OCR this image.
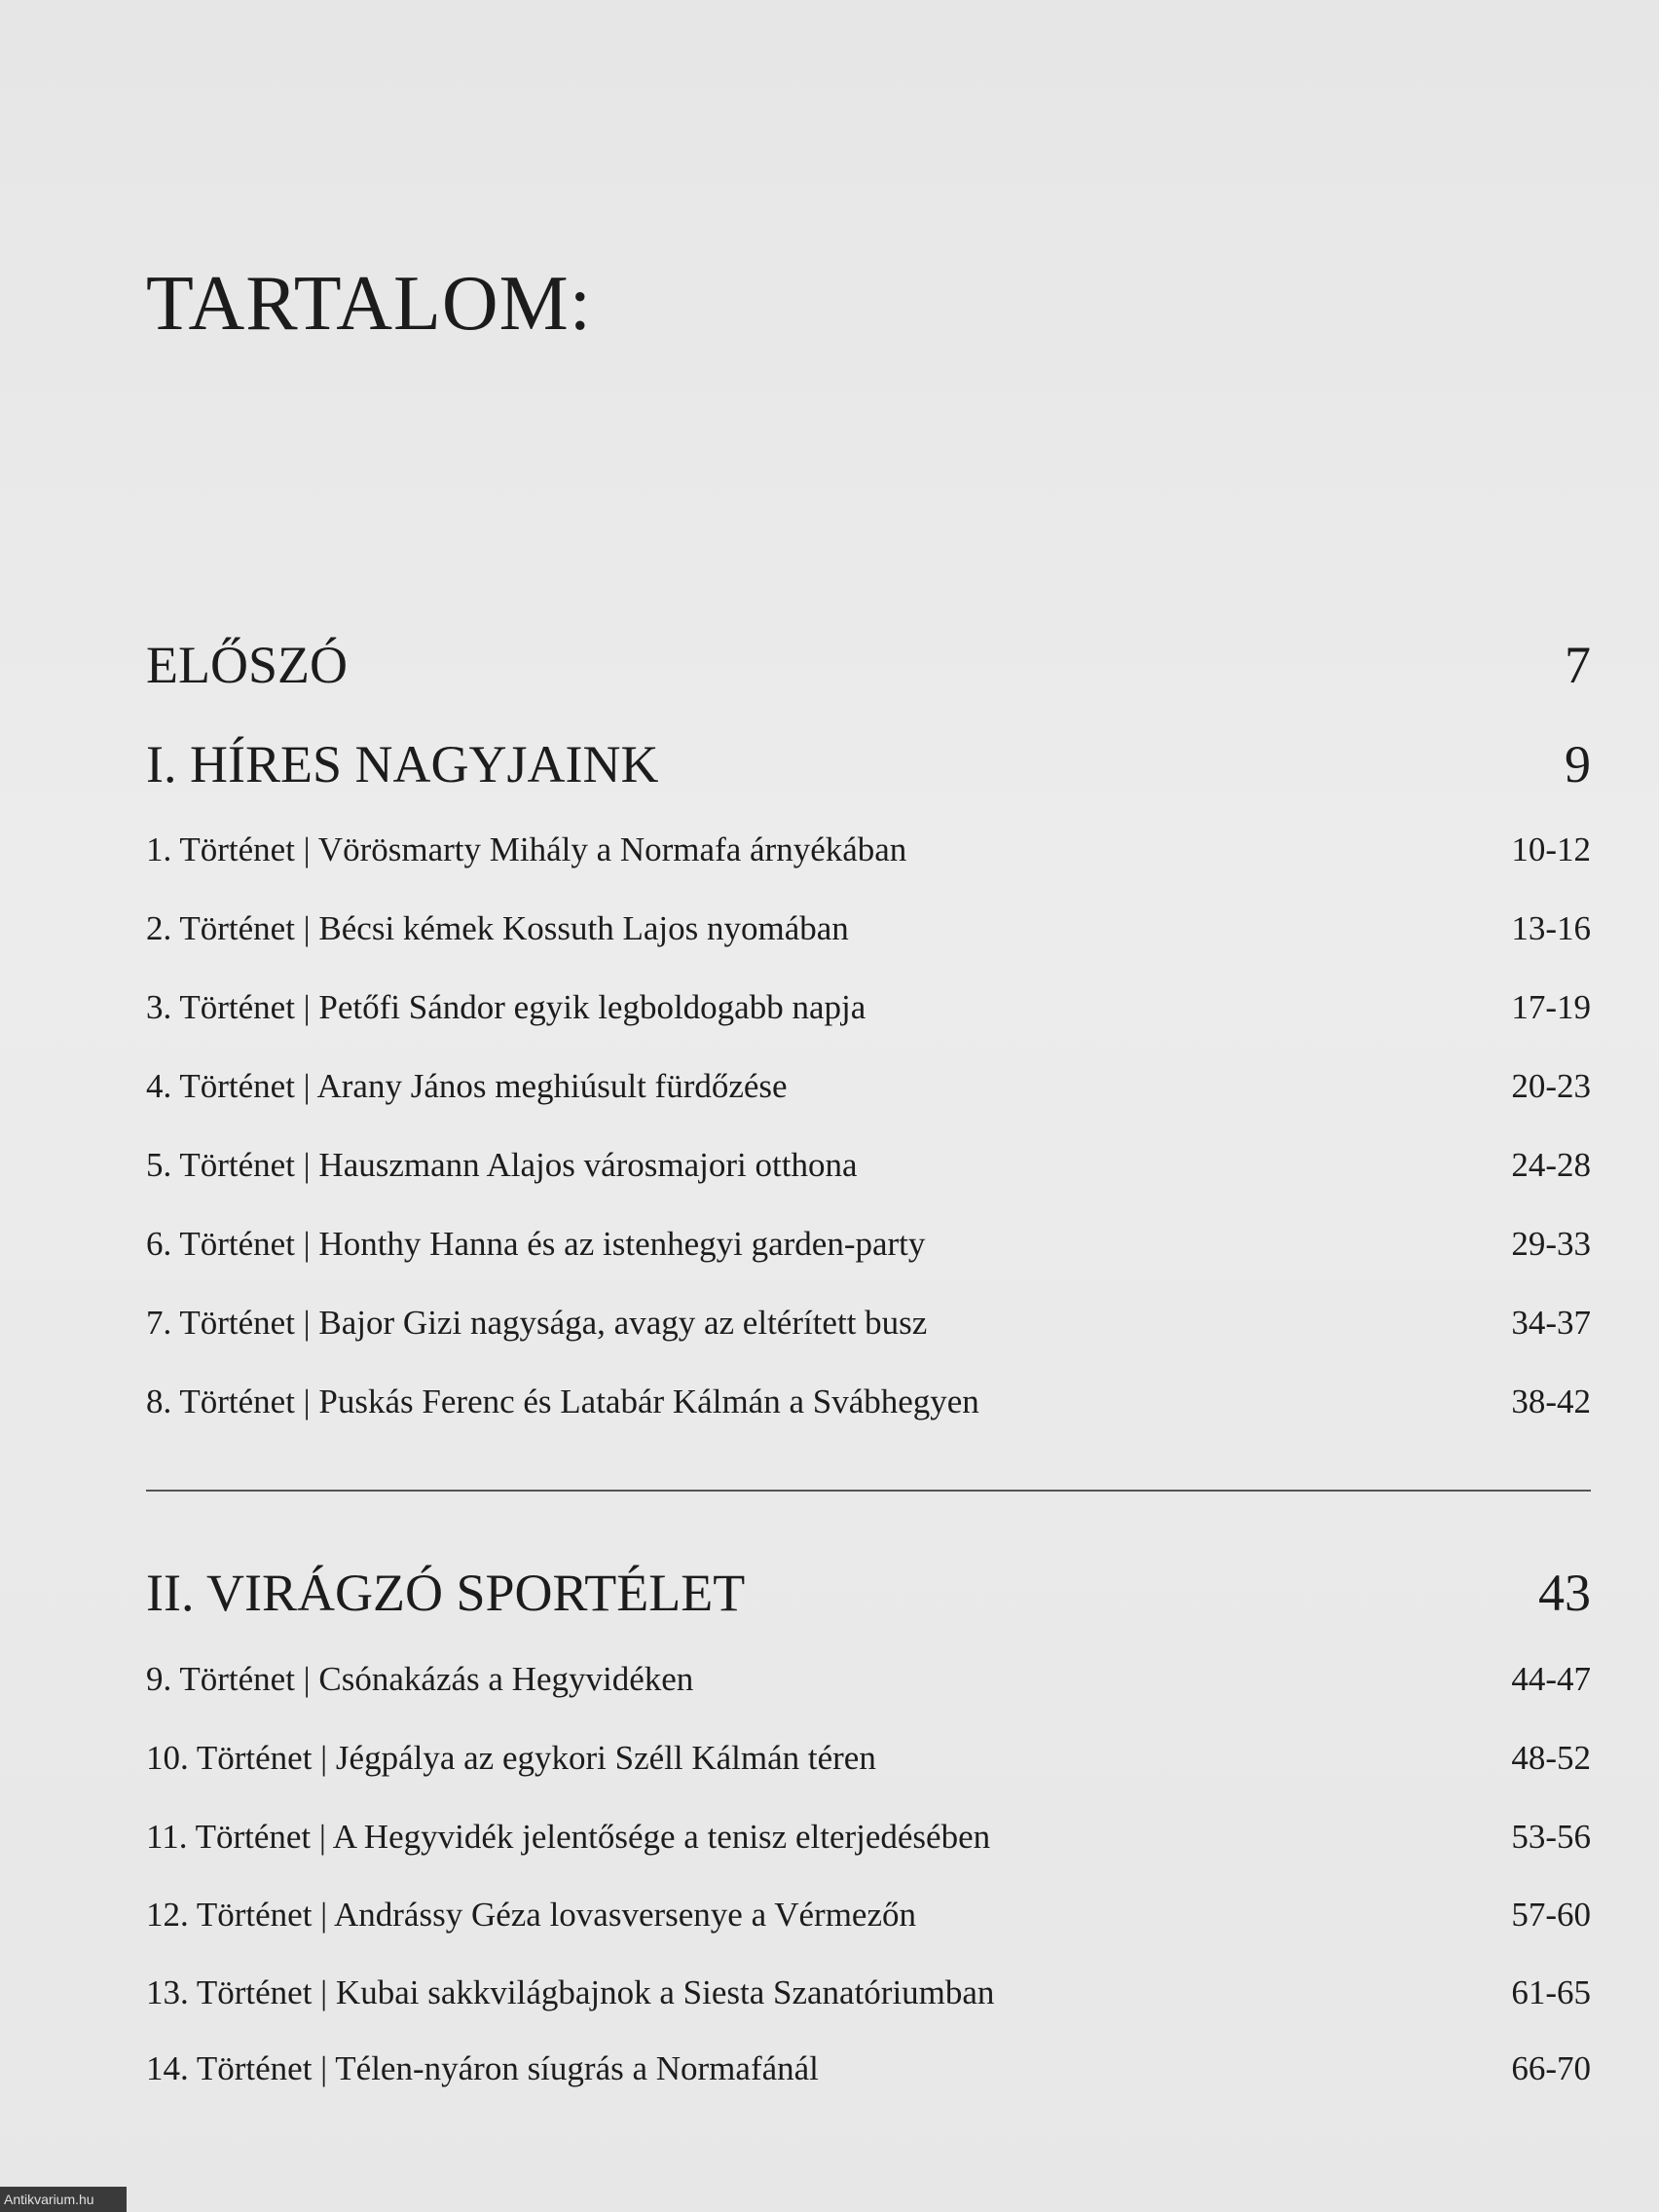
TARTALOM:
ELŐSZÓ	7
I. HÍRES NAGYJAINK	9
1. Történet | Vörösmarty Mihály a Normafa árnyékában	10-12
2. Történet | Bécsi kémek Kossuth Lajos nyomában	13-16
3. Történet | Petőfi Sándor egyik legboldogabb napja	17-19
4. Történet | Arany János meghiúsult fürdőzése	20-23
5. Történet | Hauszmann Alajos városmajori otthona	24-28
6. Történet | Honthy Hanna és az istenhegyi garden-party	29-33
7. Történet | Bajor Gizi nagysága, avagy az eltérített busz	34-37
8. Történet | Puskás Ferenc és Latabár Kálmán a Svábhegyen	38-42
II. VIRÁGZÓ SPORTÉLET	43
9. Történet | Csónakázás a Hegyvidéken	44-47
10. Történet | Jégpálya az egykori Széll Kálmán téren	48-52
11. Történet | A Hegyvidék jelentősége a tenisz elterjedésében	53-56
12. Történet | Andrássy Géza lovasversenye a Vérmezőn	57-60
13. Történet | Kubai sakkvilágbajnok a Siesta Szanatóriumban	61-65
14. Történet | Télen-nyáron síugrás a Normafánál	66-70
Antikvarium.hu
